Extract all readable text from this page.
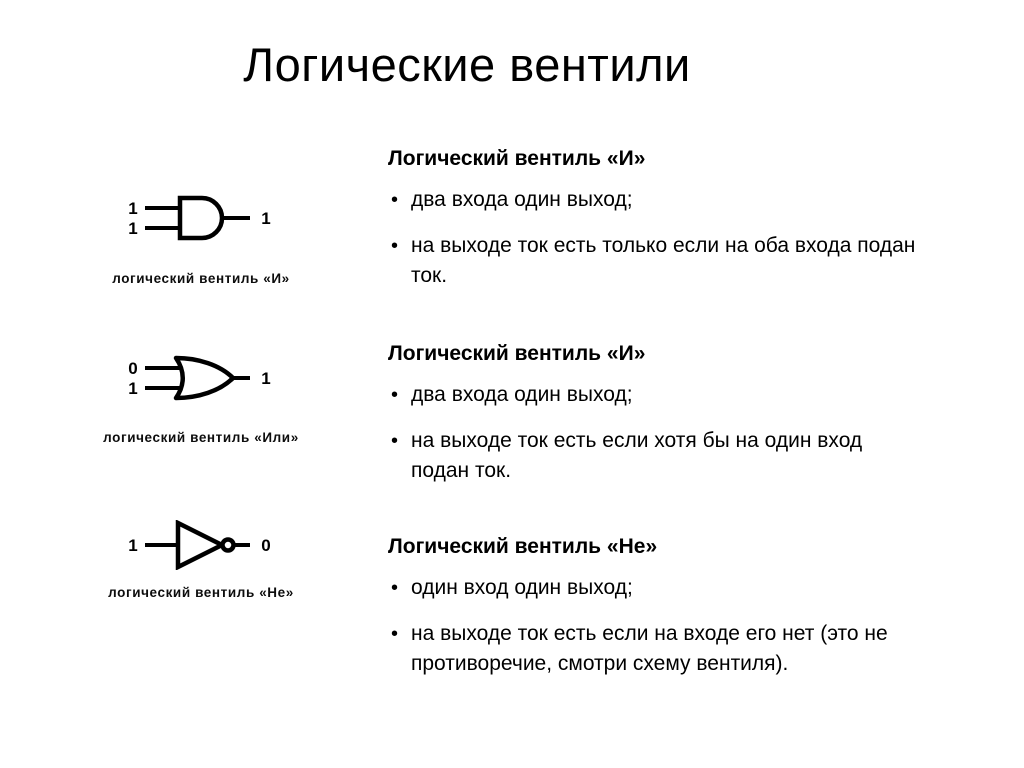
Логические вентили
1
1
1
логический вентиль «И»
0
1
1
логический вентиль «Или»
1	0
логический вентиль «Не»
Логический вентиль «И»
• два входа один выход;
• на выходе ток есть только если на оба входа подан ток.
Логический вентиль «И»
• два входа один выход;
• на выходе ток есть если хотя бы на один вход подан ток.
Логический вентиль «Не»
• один вход один выход;
• на выходе ток есть если на входе его нет (это не противоречие, смотри схему вентиля).
